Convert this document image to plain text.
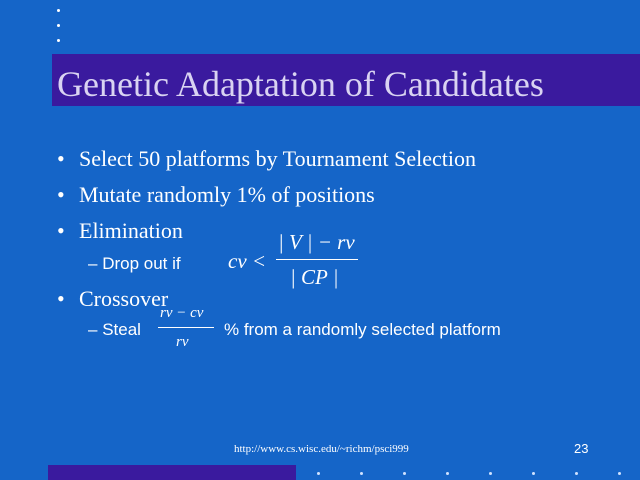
Genetic Adaptation of Candidates
• Select 50 platforms by Tournament Selection
• Mutate randomly 1% of positions
• Elimination
– Drop out if cv <
| V | − rv
| CP |
• Crossover
– Steal
rv − cv
rv
% from a randomly selected platform
http://www.cs.wisc.edu/~richm/psci999	23
